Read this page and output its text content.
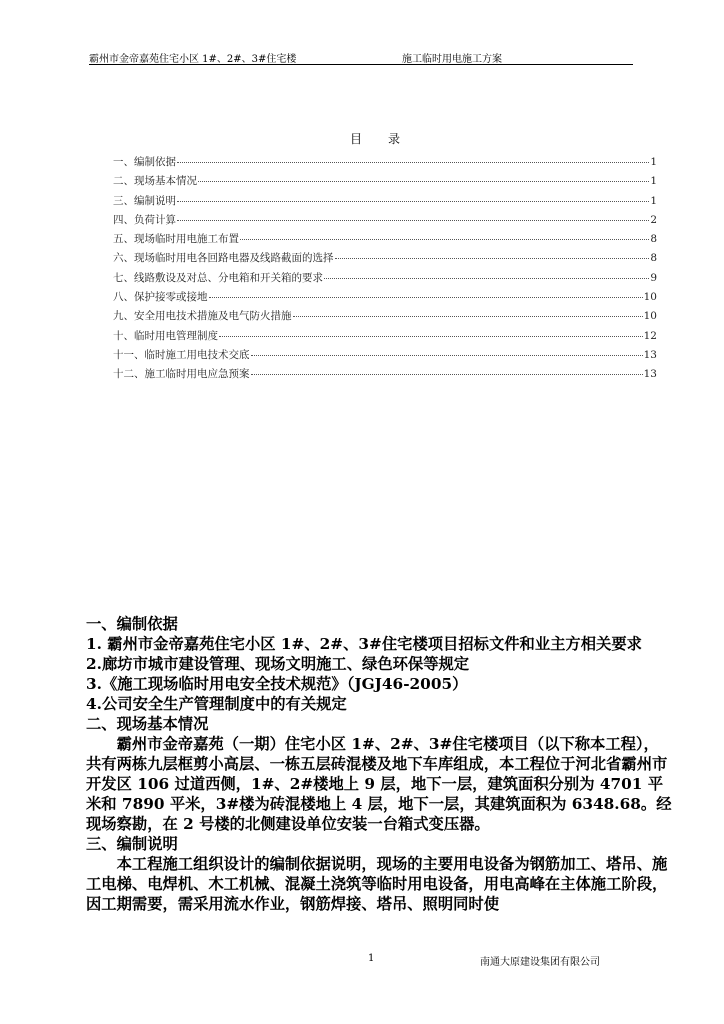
霸州市金帝嘉苑住宅小区 1#、2#、3#住宅楼	施工临时用电施工方案
目录
一、编制依据	1
二、现场基本情况	1
三、编制说明	1
四、负荷计算	2
五、现场临时用电施工布置	8
六、现场临时用电各回路电器及线路截面的选择	8
七、线路敷设及对总、分电箱和开关箱的要求	9
八、保护接零或接地	10
九、安全用电技术措施及电气防火措施	10
十、临时用电管理制度	12
十一、临时施工用电技术交底	13
十二、施工临时用电应急预案	13

一、编制依据

1. 霸州市金帝嘉苑住宅小区 1#、2#、3#住宅楼项目招标文件和业主方相关要求

2.廊坊市城市建设管理、现场文明施工、绿色环保等规定

3.《施工现场临时用电安全技术规范》（JGJ46-2005）

4.公司安全生产管理制度中的有关规定

二、现场基本情况

霸州市金帝嘉苑（一期）住宅小区 1#、2#、3#住宅楼项目（以下称本工程），共有两栋九层框剪小高层、一栋五层砖混楼及地下车库组成，本工程位于河北省霸州市开发区 106 过道西侧，1#、2#楼地上 9 层，地下一层，建筑面积分别为 4701 平米和 7890 平米，3#楼为砖混楼地上 4 层，地下一层，其建筑面积为 6348.68。经现场察勘，在 2 号楼的北侧建设单位安装一台箱式变压器。

三、编制说明

本工程施工组织设计的编制依据说明，现场的主要用电设备为钢筋加工、塔吊、施工电梯、电焊机、木工机械、混凝土浇筑等临时用电设备，用电高峰在主体施工阶段，因工期需要，需采用流水作业，钢筋焊接、塔吊、照明同时使

1	南通大原建设集团有限公司
